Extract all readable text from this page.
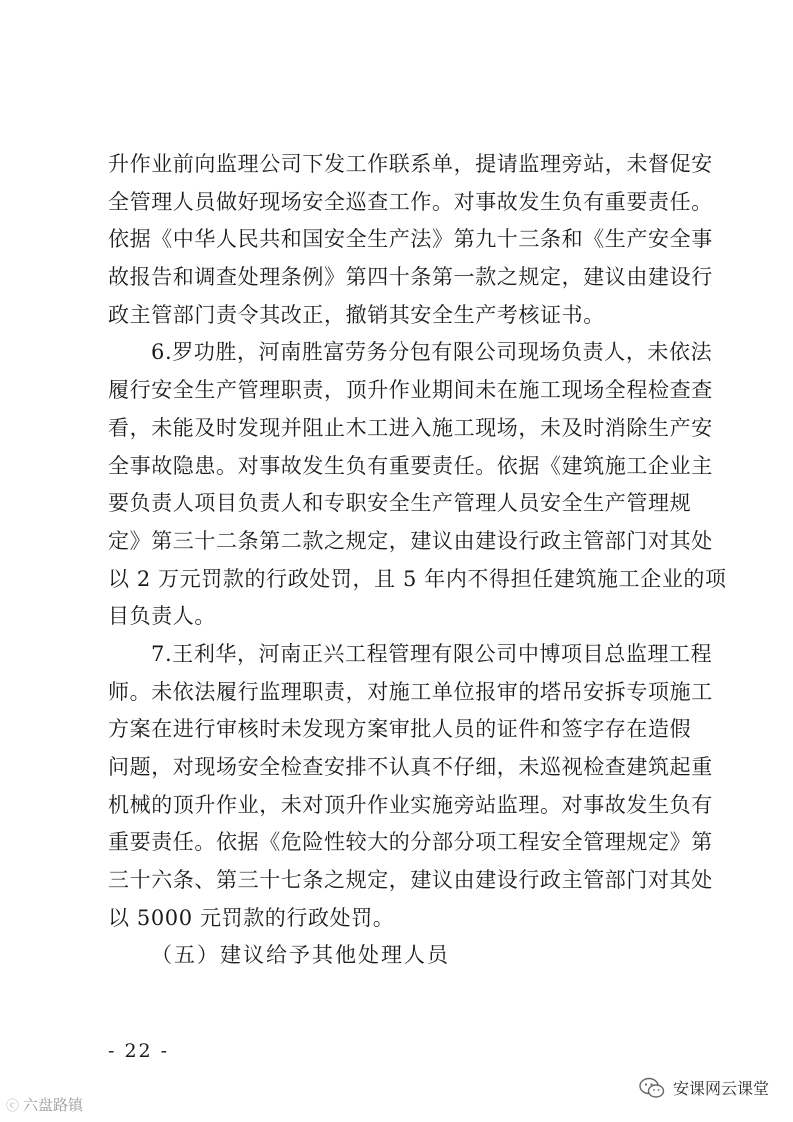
升作业前向监理公司下发工作联系单，提请监理旁站，未督促安
全管理人员做好现场安全巡查工作。对事故发生负有重要责任。
依据《中华人民共和国安全生产法》第九十三条和《生产安全事
故报告和调查处理条例》第四十条第一款之规定，建议由建设行
政主管部门责令其改正，撤销其安全生产考核证书。
6.罗功胜，河南胜富劳务分包有限公司现场负责人，未依法
履行安全生产管理职责，顶升作业期间未在施工现场全程检查查
看，未能及时发现并阻止木工进入施工现场，未及时消除生产安
全事故隐患。对事故发生负有重要责任。依据《建筑施工企业主
要负责人项目负责人和专职安全生产管理人员安全生产管理规
定》第三十二条第二款之规定，建议由建设行政主管部门对其处
以 2 万元罚款的行政处罚，且 5 年内不得担任建筑施工企业的项
目负责人。
7.王利华，河南正兴工程管理有限公司中博项目总监理工程
师。未依法履行监理职责，对施工单位报审的塔吊安拆专项施工
方案在进行审核时未发现方案审批人员的证件和签字存在造假
问题，对现场安全检查安排不认真不仔细，未巡视检查建筑起重
机械的顶升作业，未对顶升作业实施旁站监理。对事故发生负有
重要责任。依据《危险性较大的分部分项工程安全管理规定》第
三十六条、第三十七条之规定，建议由建设行政主管部门对其处
以 5000 元罚款的行政处罚。
（五）建议给予其他处理人员
- 22 -
ⓒ 六盘路镇
安课网云课堂
